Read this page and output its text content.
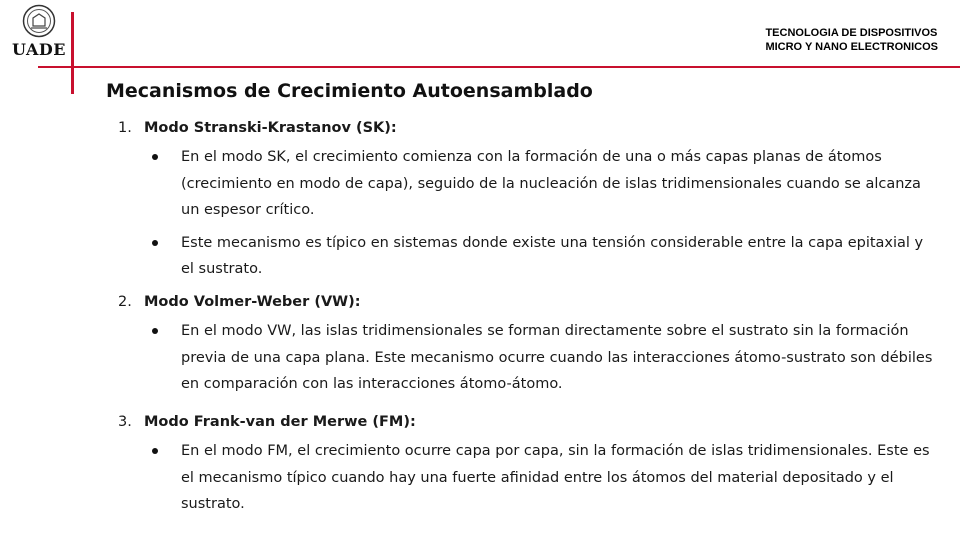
UADE
TECNOLOGIA DE DISPOSITIVOS
MICRO Y NANO ELECTRONICOS
Mecanismos de Crecimiento Autoensamblado
1. Modo Stranski-Krastanov (SK):
En el modo SK, el crecimiento comienza con la formación de una o más capas planas de átomos (crecimiento en modo de capa), seguido de la nucleación de islas tridimensionales cuando se alcanza un espesor crítico.
Este mecanismo es típico en sistemas donde existe una tensión considerable entre la capa epitaxial y el sustrato.
2. Modo Volmer-Weber (VW):
En el modo VW, las islas tridimensionales se forman directamente sobre el sustrato sin la formación previa de una capa plana. Este mecanismo ocurre cuando las interacciones átomo-sustrato son débiles en comparación con las interacciones átomo-átomo.
3. Modo Frank-van der Merwe (FM):
En el modo FM, el crecimiento ocurre capa por capa, sin la formación de islas tridimensionales. Este es el mecanismo típico cuando hay una fuerte afinidad entre los átomos del material depositado y el sustrato.
